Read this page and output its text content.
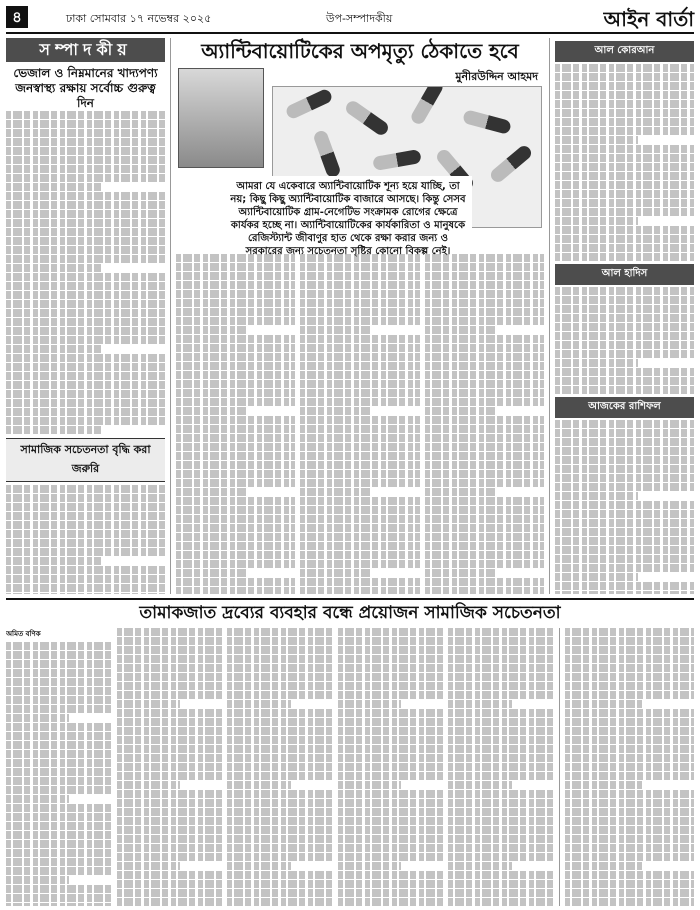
৪	ঢাকা সোমবার ১৭ নভেম্বর ২০২৫	উপ-সম্পাদকীয়	আইন বার্তা
সম্পাদকীয়
ভেজাল ও নিম্নমানের খাদ্যপণ্য জনস্বাস্থ্য রক্ষায় সর্বোচ্চ গুরুত্ব দিন
সামাজিক সচেতনতা বৃদ্ধি করা জরুরি
অ্যান্টিবায়োটিকের অপমৃত্যু ঠেকাতে হবে
মুনীরউদ্দিন আহমদ
আমরা যে একেবারে অ্যান্টিবায়োটিক শূন্য হয়ে যাচ্ছি, তা নয়; কিছু কিছু অ্যান্টিবায়োটিক বাজারে আসছে। কিন্তু সেসব অ্যান্টিবায়োটিক গ্রাম-নেগেটিভ সংক্রামক রোগের ক্ষেত্রে কার্যকর হচ্ছে না। অ্যান্টিবায়োটিকের কার্যকারিতা ও মানুষকে রেজিস্ট্যান্ট জীবাণুর হাত থেকে রক্ষা করার জন্য ও সরকারের জন্য সচেতনতা সৃষ্টির কোনো বিকল্প নেই।
আল কোরআন
আল হাদিস
আজকের রাশিফল
তামাকজাত দ্রব্যের ব্যবহার বন্ধে প্রয়োজন সামাজিক সচেতনতা
অমিত বণিক
